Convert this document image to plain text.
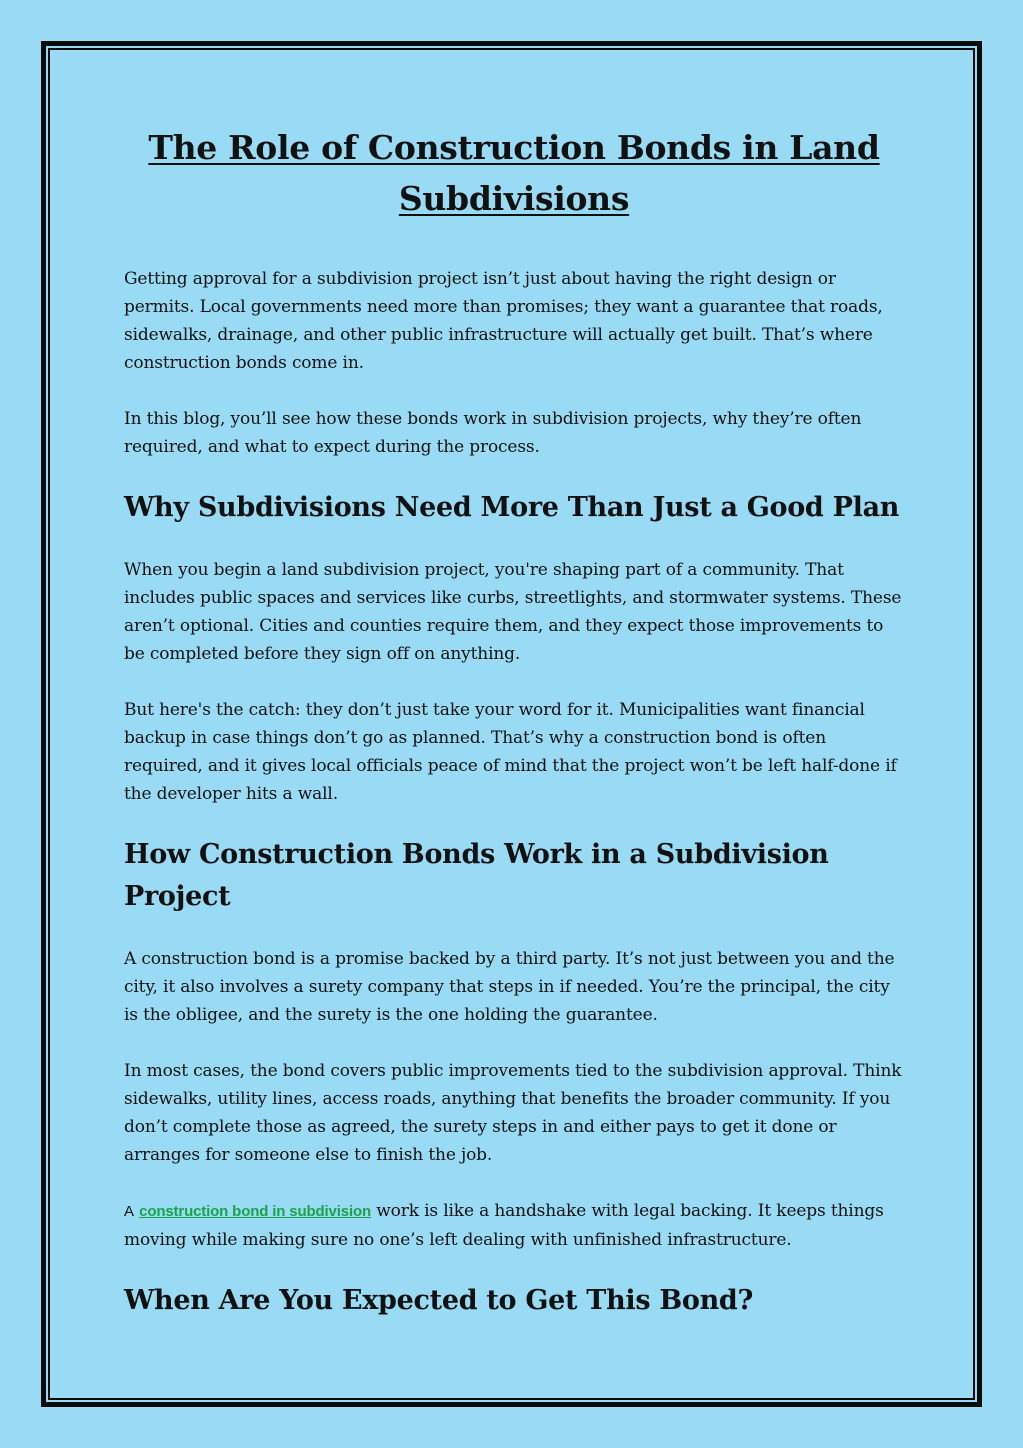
The Role of Construction Bonds in Land Subdivisions

Getting approval for a subdivision project isn’t just about having the right design or permits. Local governments need more than promises; they want a guarantee that roads, sidewalks, drainage, and other public infrastructure will actually get built. That’s where construction bonds come in.

In this blog, you’ll see how these bonds work in subdivision projects, why they’re often required, and what to expect during the process.

Why Subdivisions Need More Than Just a Good Plan

When you begin a land subdivision project, you're shaping part of a community. That includes public spaces and services like curbs, streetlights, and stormwater systems. These aren’t optional. Cities and counties require them, and they expect those improvements to be completed before they sign off on anything.

But here's the catch: they don’t just take your word for it. Municipalities want financial backup in case things don’t go as planned. That’s why a construction bond is often required, and it gives local officials peace of mind that the project won’t be left half-done if the developer hits a wall.

How Construction Bonds Work in a Subdivision Project

A construction bond is a promise backed by a third party. It’s not just between you and the city, it also involves a surety company that steps in if needed. You’re the principal, the city is the obligee, and the surety is the one holding the guarantee.

In most cases, the bond covers public improvements tied to the subdivision approval. Think sidewalks, utility lines, access roads, anything that benefits the broader community. If you don’t complete those as agreed, the surety steps in and either pays to get it done or arranges for someone else to finish the job.

A construction bond in subdivision work is like a handshake with legal backing. It keeps things moving while making sure no one’s left dealing with unfinished infrastructure.

When Are You Expected to Get This Bond?
